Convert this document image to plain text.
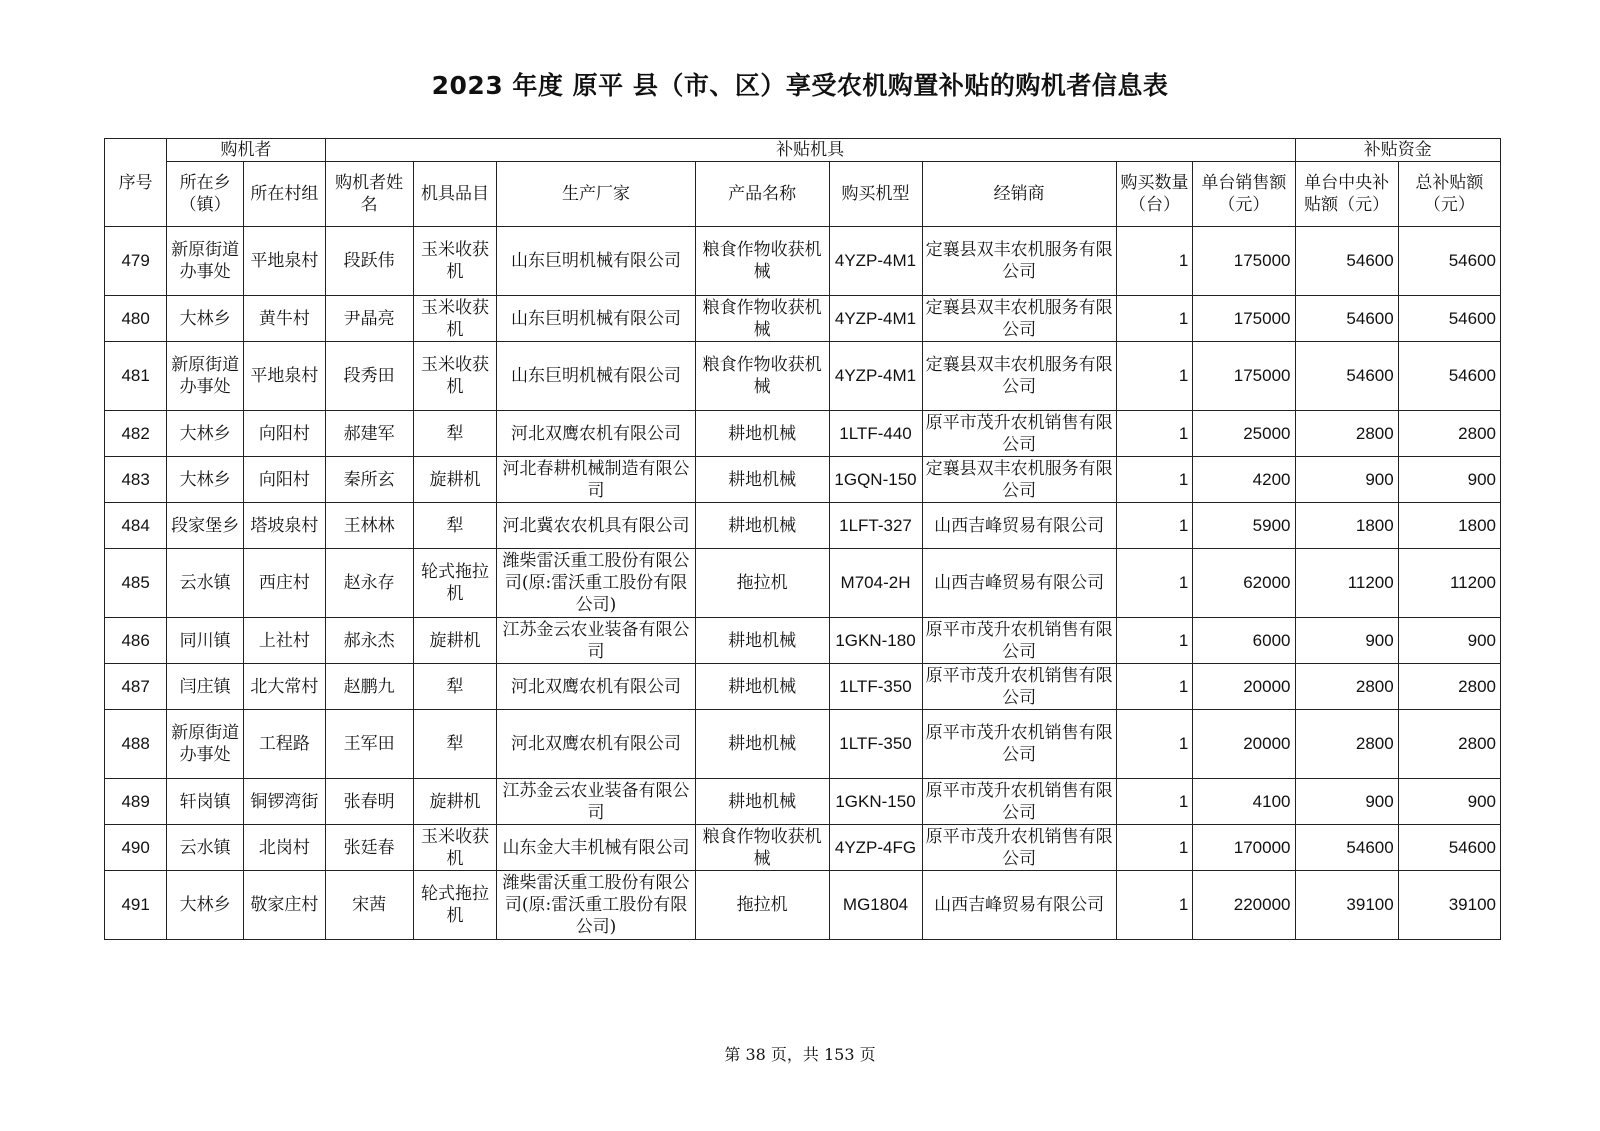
2023 年度 原平 县（市、区）享受农机购置补贴的购机者信息表
序号	购机者		补贴机具								补贴资金	
	所在乡（镇）	所在村组	购机者姓名	机具品目	生产厂家	产品名称	购买机型	经销商	购买数量（台）	单台销售额（元）	单台中央补贴额（元）	总补贴额（元）
479	新原街道办事处	平地泉村	段跃伟	玉米收获机	山东巨明机械有限公司	粮食作物收获机械	4YZP-4M1	定襄县双丰农机服务有限公司	1	175000	54600	54600
480	大林乡	黄牛村	尹晶亮	玉米收获机	山东巨明机械有限公司	粮食作物收获机械	4YZP-4M1	定襄县双丰农机服务有限公司	1	175000	54600	54600
481	新原街道办事处	平地泉村	段秀田	玉米收获机	山东巨明机械有限公司	粮食作物收获机械	4YZP-4M1	定襄县双丰农机服务有限公司	1	175000	54600	54600
482	大林乡	向阳村	郝建军	犁	河北双鹰农机有限公司	耕地机械	1LTF-440	原平市茂升农机销售有限公司	1	25000	2800	2800
483	大林乡	向阳村	秦所玄	旋耕机	河北春耕机械制造有限公司	耕地机械	1GQN-150	定襄县双丰农机服务有限公司	1	4200	900	900
484	段家堡乡	塔坡泉村	王林林	犁	河北冀农农机具有限公司	耕地机械	1LFT-327	山西吉峰贸易有限公司	1	5900	1800	1800
485	云水镇	西庄村	赵永存	轮式拖拉机	潍柴雷沃重工股份有限公司(原:雷沃重工股份有限公司)	拖拉机	M704-2H	山西吉峰贸易有限公司	1	62000	11200	11200
486	同川镇	上社村	郝永杰	旋耕机	江苏金云农业装备有限公司	耕地机械	1GKN-180	原平市茂升农机销售有限公司	1	6000	900	900
487	闫庄镇	北大常村	赵鹏九	犁	河北双鹰农机有限公司	耕地机械	1LTF-350	原平市茂升农机销售有限公司	1	20000	2800	2800
488	新原街道办事处	工程路	王军田	犁	河北双鹰农机有限公司	耕地机械	1LTF-350	原平市茂升农机销售有限公司	1	20000	2800	2800
489	轩岗镇	铜锣湾街	张春明	旋耕机	江苏金云农业装备有限公司	耕地机械	1GKN-150	原平市茂升农机销售有限公司	1	4100	900	900
490	云水镇	北岗村	张廷春	玉米收获机	山东金大丰机械有限公司	粮食作物收获机械	4YZP-4FG	原平市茂升农机销售有限公司	1	170000	54600	54600
491	大林乡	敬家庄村	宋茜	轮式拖拉机	潍柴雷沃重工股份有限公司(原:雷沃重工股份有限公司)	拖拉机	MG1804	山西吉峰贸易有限公司	1	220000	39100	39100
第 38 页，共 153 页
